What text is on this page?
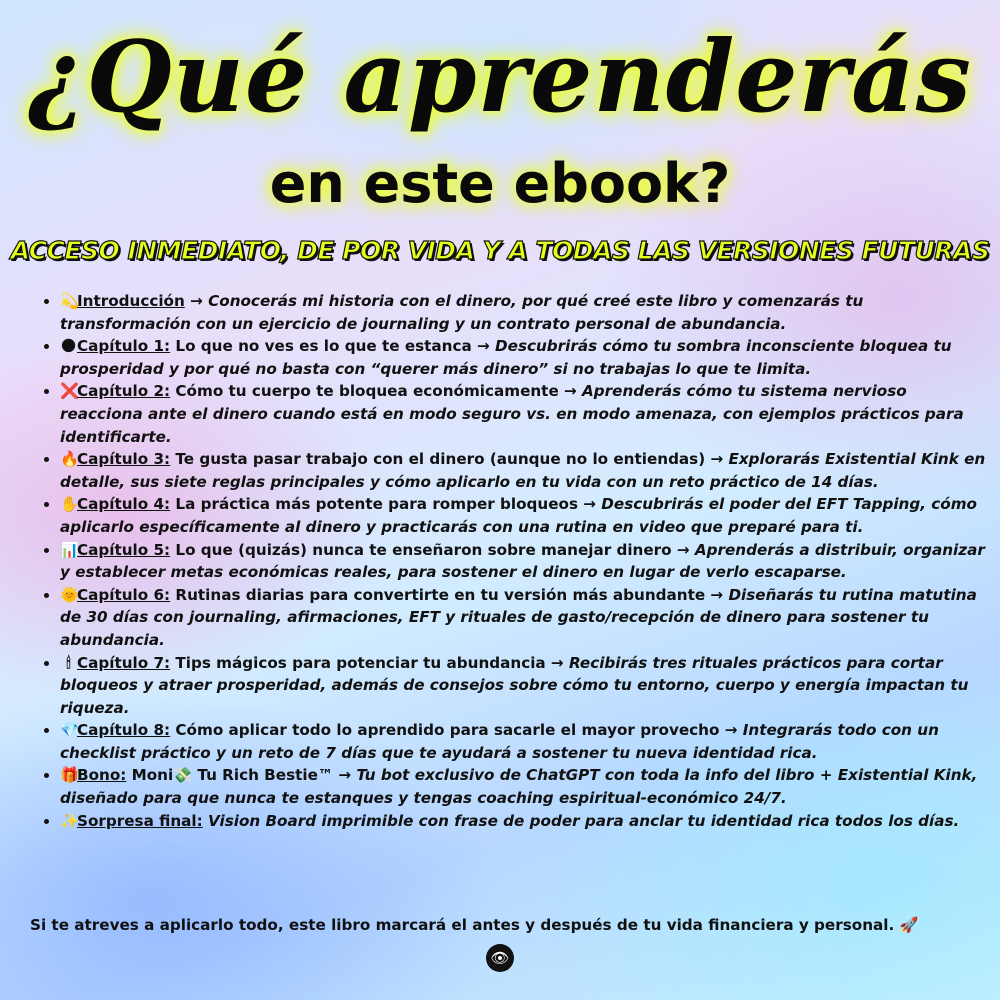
¿Qué aprenderás
en este ebook?
ACCESO INMEDIATO, DE POR VIDA Y A TODAS LAS VERSIONES FUTURAS
• 💫Introducción → Conocerás mi historia con el dinero, por qué creé este libro y comenzarás tu transformación con un ejercicio de journaling y un contrato personal de abundancia.
• 🌑Capítulo 1: Lo que no ves es lo que te estanca → Descubrirás cómo tu sombra inconsciente bloquea tu prosperidad y por qué no basta con “querer más dinero” si no trabajas lo que te limita.
• ❌Capítulo 2: Cómo tu cuerpo te bloquea económicamente → Aprenderás cómo tu sistema nervioso reacciona ante el dinero cuando está en modo seguro vs. en modo amenaza, con ejemplos prácticos para identificarte.
• 🔥Capítulo 3: Te gusta pasar trabajo con el dinero (aunque no lo entiendas) → Explorarás Existential Kink en detalle, sus siete reglas principales y cómo aplicarlo en tu vida con un reto práctico de 14 días.
• ✋Capítulo 4: La práctica más potente para romper bloqueos → Descubrirás el poder del EFT Tapping, cómo aplicarlo específicamente al dinero y practicarás con una rutina en video que preparé para ti.
• 📊Capítulo 5: Lo que (quizás) nunca te enseñaron sobre manejar dinero → Aprenderás a distribuir, organizar y establecer metas económicas reales, para sostener el dinero en lugar de verlo escaparse.
• 🌞Capítulo 6: Rutinas diarias para convertirte en tu versión más abundante → Diseñarás tu rutina matutina de 30 días con journaling, afirmaciones, EFT y rituales de gasto/recepción de dinero para sostener tu abundancia.
• 🕯 Capítulo 7: Tips mágicos para potenciar tu abundancia → Recibirás tres rituales prácticos para cortar bloqueos y atraer prosperidad, además de consejos sobre cómo tu entorno, cuerpo y energía impactan tu riqueza.
• 💎Capítulo 8: Cómo aplicar todo lo aprendido para sacarle el mayor provecho → Integrarás todo con un checklist práctico y un reto de 7 días que te ayudará a sostener tu nueva identidad rica.
• 🎁Bono: Moni💸 Tu Rich Bestie™ → Tu bot exclusivo de ChatGPT con toda la info del libro + Existential Kink, diseñado para que nunca te estanques y tengas coaching espiritual-económico 24/7.
• ✨Sorpresa final: Vision Board imprimible con frase de poder para anclar tu identidad rica todos los días.
Si te atreves a aplicarlo todo, este libro marcará el antes y después de tu vida financiera y personal. 🚀
👁
